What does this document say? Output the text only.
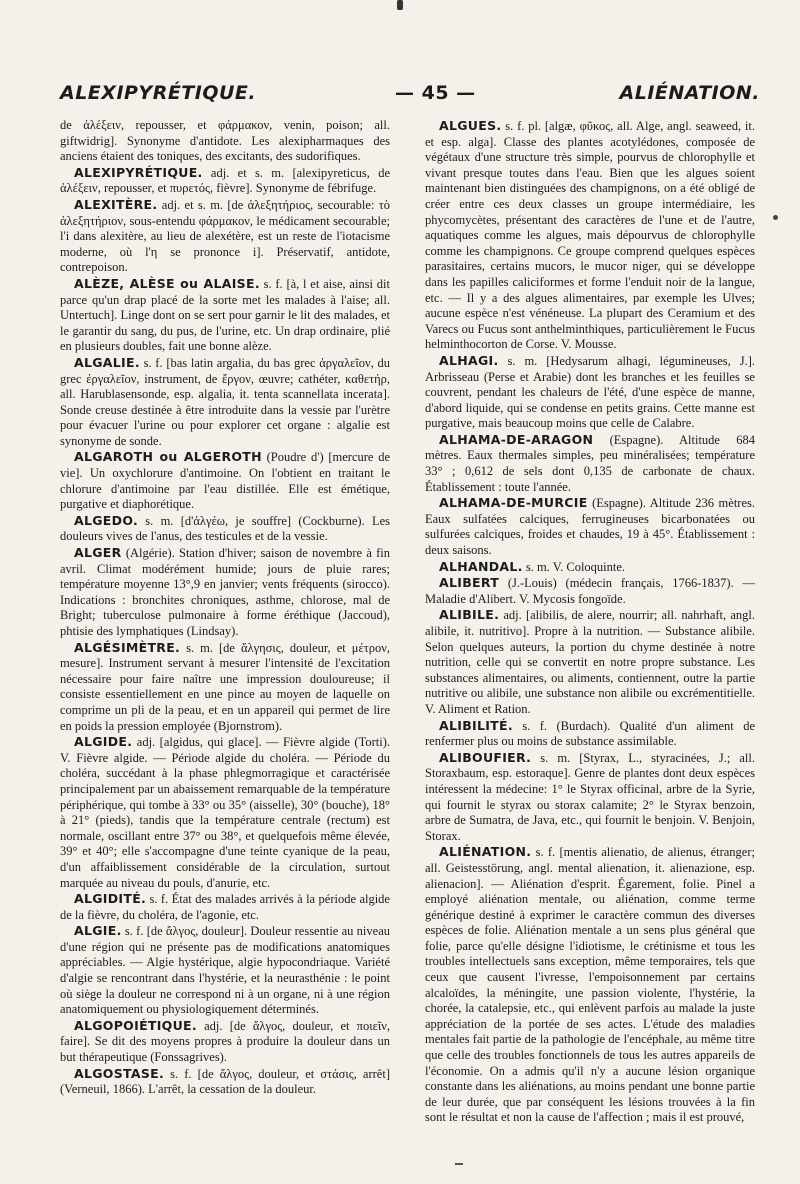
ALEXIPYRÉTIQUE.	— 45 —	ALIÉNATION.

de ἀλέξειν, repousser, et φάρμακον, venin, poison; all. giftwidrig]. Synonyme d'antidote. Les alexipharmaques des anciens étaient des toniques, des excitants, des sudorifiques.

ALEXIPYRÉTIQUE. adj. et s. m. [alexipyreticus, de ἀλέξειν, repousser, et πυρετός, fièvre]. Synonyme de fébrifuge.

ALEXITÈRE. adj. et s. m. [de ἀλεξητήριος, secourable: τὸ ἀλεξητήριον, sous-entendu φάρμακον, le médicament secourable; l'i dans alexitère, au lieu de alexétère, est un reste de l'iotacisme moderne, où l'η se prononce i]. Préservatif, antidote, contrepoison.

ALÈZE, ALÈSE ou ALAISE. s. f. [à, l et aise, ainsi dit parce qu'un drap placé de la sorte met les malades à l'aise; all. Untertuch]. Linge dont on se sert pour garnir le lit des malades, et le garantir du sang, du pus, de l'urine, etc. Un drap ordinaire, plié en plusieurs doubles, fait une bonne alèze.

ALGALIE. s. f. [bas latin argalia, du bas grec ἀργαλεῖον, du grec ἐργαλεῖον, instrument, de ἔργον, œuvre; cathéter, καθετήρ, all. Harublasensonde, esp. algalia, it. tenta scannellata incerata]. Sonde creuse destinée à être introduite dans la vessie par l'urètre pour évacuer l'urine ou pour explorer cet organe : algalie est synonyme de sonde.

ALGAROTH ou ALGEROTH (Poudre d') [mercure de vie]. Un oxychlorure d'antimoine. On l'obtient en traitant le chlorure d'antimoine par l'eau distillée. Elle est émétique, purgative et diaphorétique.

ALGEDO. s. m. [d'ἀλγέω, je souffre] (Cockburne). Les douleurs vives de l'anus, des testicules et de la vessie.

ALGER (Algérie). Station d'hiver; saison de novembre à fin avril. Climat modérément humide; jours de pluie rares; température moyenne 13°,9 en janvier; vents fréquents (sirocco). Indications : bronchites chroniques, asthme, chlorose, mal de Bright; tuberculose pulmonaire à forme éréthique (Jaccoud), phtisie des lymphatiques (Lindsay).

ALGÉSIMÈTRE. s. m. [de ἄλγησις, douleur, et μέτρον, mesure]. Instrument servant à mesurer l'intensité de l'excitation nécessaire pour faire naître une impression douloureuse; il consiste essentiellement en une pince au moyen de laquelle on comprime un pli de la peau, et en un appareil qui permet de lire en poids la pression employée (Bjornstrom).

ALGIDE. adj. [algidus, qui glace]. — Fièvre algide (Torti). V. Fièvre algide. — Période algide du choléra. — Période du choléra, succédant à la phase phlegmorragique et caractérisée principalement par un abaissement remarquable de la température périphérique, qui tombe à 33° ou 35° (aisselle), 30° (bouche), 18° à 21° (pieds), tandis que la température centrale (rectum) est normale, oscillant entre 37° ou 38°, et quelquefois même élevée, 39° et 40°; elle s'accompagne d'une teinte cyanique de la peau, d'un affaiblissement considérable de la circulation, surtout marquée au niveau du pouls, d'anurie, etc.

ALGIDITÉ. s. f. État des malades arrivés à la période algide de la fièvre, du choléra, de l'agonie, etc.

ALGIE. s. f. [de ἄλγος, douleur]. Douleur ressentie au niveau d'une région qui ne présente pas de modifications anatomiques appréciables. — Algie hystérique, algie hypocondriaque. Variété d'algie se rencontrant dans l'hystérie, et la neurasthénie : le point où siège la douleur ne correspond ni à un organe, ni à une région anatomiquement ou physiologiquement déterminés.

ALGOPOIÉTIQUE. adj. [de ἄλγος, douleur, et ποιεῖν, faire]. Se dit des moyens propres à produire la douleur dans un but thérapeutique (Fonssagrives).

ALGOSTASE. s. f. [de ἄλγος, douleur, et στάσις, arrêt] (Verneuil, 1866). L'arrêt, la cessation de la douleur.

ALGUES. s. f. pl. [algæ, φῦκος, all. Alge, angl. seaweed, it. et esp. alga]. Classe des plantes acotylédones, composée de végétaux d'une structure très simple, pourvus de chlorophylle et vivant presque toutes dans l'eau. Bien que les algues soient maintenant bien distinguées des champignons, on a été obligé de créer entre ces deux classes un groupe intermédiaire, les phycomycètes, présentant des caractères de l'une et de l'autre, aquatiques comme les algues, mais dépourvus de chlorophylle comme les champignons. Ce groupe comprend quelques espèces parasitaires, certains mucors, le mucor niger, qui se développe dans les papilles caliciformes et forme l'enduit noir de la langue, etc. — Il y a des algues alimentaires, par exemple les Ulves; aucune espèce n'est vénéneuse. La plupart des Ceramium et des Varecs ou Fucus sont anthelminthiques, particulièrement le Fucus helminthocorton de Corse. V. Mousse.

ALHAGI. s. m. [Hedysarum alhagi, légumineuses, J.]. Arbrisseau (Perse et Arabie) dont les branches et les feuilles se couvrent, pendant les chaleurs de l'été, d'une espèce de manne, d'abord liquide, qui se condense en petits grains. Cette manne est purgative, mais beaucoup moins que celle de Calabre.

ALHAMA-DE-ARAGON (Espagne). Altitude 684 mètres. Eaux thermales simples, peu minéralisées; température 33° ; 0,612 de sels dont 0,135 de carbonate de chaux. Établissement : toute l'année.

ALHAMA-DE-MURCIE (Espagne). Altitude 236 mètres. Eaux sulfatées calciques, ferrugineuses bicarbonatées ou sulfurées calciques, froides et chaudes, 19 à 45°. Établissement : deux saisons.

ALHANDAL. s. m. V. Coloquinte.

ALIBERT (J.-Louis) (médecin français, 1766-1837). — Maladie d'Alibert. V. Mycosis fongoïde.

ALIBILE. adj. [alibilis, de alere, nourrir; all. nahrhaft, angl. alibile, it. nutritivo]. Propre à la nutrition. — Substance alibile. Selon quelques auteurs, la portion du chyme destinée à notre nutrition, celle qui se convertit en notre propre substance. Les substances alimentaires, ou aliments, contiennent, outre la partie nutritive ou alibile, une substance non alibile ou excrémentitielle. V. Aliment et Ration.

ALIBILITÉ. s. f. (Burdach). Qualité d'un aliment de renfermer plus ou moins de substance assimilable.

ALIBOUFIER. s. m. [Styrax, L., styracinées, J.; all. Storaxbaum, esp. estoraque]. Genre de plantes dont deux espèces intéressent la médecine: 1° le Styrax officinal, arbre de la Syrie, qui fournit le styrax ou storax calamite; 2° le Styrax benzoin, arbre de Sumatra, de Java, etc., qui fournit le benjoin. V. Benjoin, Storax.

ALIÉNATION. s. f. [mentis alienatio, de alienus, étranger; all. Geistesstörung, angl. mental alienation, it. alienazione, esp. alienacion]. — Aliénation d'esprit. Égarement, folie. Pinel a employé aliénation mentale, ou aliénation, comme terme générique destiné à exprimer le caractère commun des diverses espèces de folie. Aliénation mentale a un sens plus général que folie, parce qu'elle désigne l'idiotisme, le crétinisme et tous les troubles intellectuels sans exception, même temporaires, tels que ceux que causent l'ivresse, l'empoisonnement par certains alcaloïdes, la méningite, une passion violente, l'hystérie, la chorée, la catalepsie, etc., qui enlèvent parfois au malade la juste appréciation de la portée de ses actes. L'étude des maladies mentales fait partie de la pathologie de l'encéphale, au même titre que celle des troubles fonctionnels de tous les autres appareils de l'économie. On a admis qu'il n'y a aucune lésion organique constante dans les aliénations, au moins pendant une bonne partie de leur durée, que par conséquent les lésions trouvées à la fin sont le résultat et non la cause de l'affection ; mais il est prouvé,
